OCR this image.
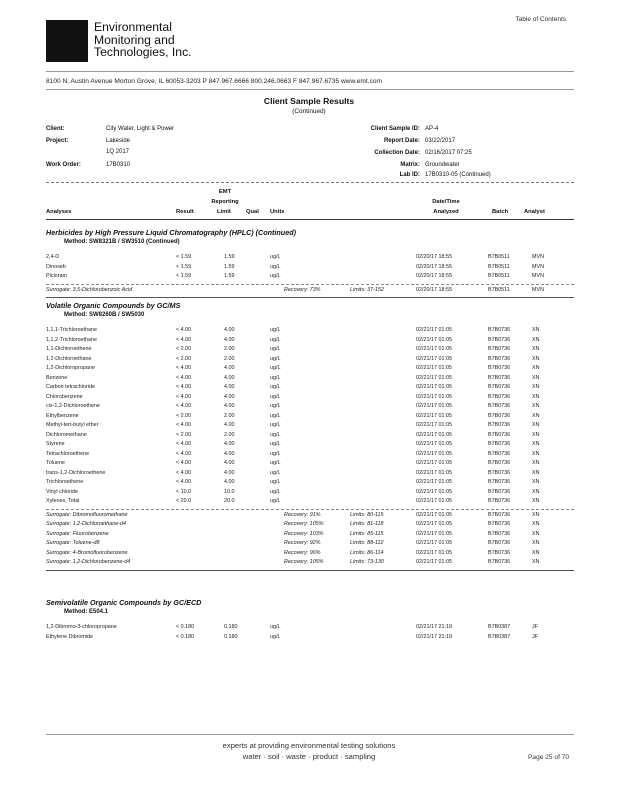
Table of Contents
Environmental
Monitoring and
Technologies, Inc.
8100 N. Austin Avenue Morton Grove, IL 60053-3203 P 847.967.6666 800.246.0663 F 847.967.6735 www.emt.com
Client Sample Results
(Continued)
Client:	City Water, Light & Power
Project:	Lakeside
1Q 2017
Work Order:	17B0310
Client Sample ID: AP-4
Report Date: 03/22/2017
Collection Date: 02/16/2017 07:25
Matrix: Groundwater
Lab ID: 17B0310-05 (Continued)
EMT
Reporting	Date/Time
Analyses	Result	Limit	Qual Units	Analyzed	Batch	Analyst
Herbicides by High Pressure Liquid Chromatography (HPLC) (Continued)
Method: SW8321B / SW3510 (Continued)
2,4-D	< 1.59	1.59	ug/L	02/20/17 18:55	B7B0511	MVN
Dinoseb	< 1.59	1.59	ug/L	02/20/17 18:55	B7B0511	MVN
Picloram	< 1.59	1.59	ug/L	02/20/17 18:55	B7B0511	MVN
Surrogate: 3,5-Dichlorobenzoic Acid	Recovery: 73%	Limits: 37-152	02/20/17 18:55	B7B0511	MVN
Volatile Organic Compounds by GC/MS
Method: SW8260B / SW5030
1,1,1-Trichloroethane	< 4.00	4.00	ug/L	02/21/17 01:05	B7B0736	XN
1,1,2-Trichloroethane	< 4.00	4.00	ug/L	02/21/17 01:05	B7B0736	XN
1,1-Dichloroethene	< 2.00	2.00	ug/L	02/21/17 01:05	B7B0736	XN
1,2-Dichloroethane	< 2.00	2.00	ug/L	02/21/17 01:05	B7B0736	XN
1,2-Dichloropropane	< 4.00	4.00	ug/L	02/21/17 01:05	B7B0736	XN
Benzene	< 4.00	4.00	ug/L	02/21/17 01:05	B7B0736	XN
Carbon tetrachloride	< 4.00	4.00	ug/L	02/21/17 01:05	B7B0736	XN
Chlorobenzene	< 4.00	4.00	ug/L	02/21/17 01:05	B7B0736	XN
cis-1,2-Dichloroethene	< 4.00	4.00	ug/L	02/21/17 01:05	B7B0736	XN
Ethylbenzene	< 2.00	2.00	ug/L	02/21/17 01:05	B7B0736	XN
Methyl-tert-butyl ether	< 4.00	4.00	ug/L	02/21/17 01:05	B7B0736	XN
Dichloromethane	< 2.00	2.00	ug/L	02/21/17 01:05	B7B0736	XN
Styrene	< 4.00	4.00	ug/L	02/21/17 01:05	B7B0736	XN
Tetrachloroethene	< 4.00	4.00	ug/L	02/21/17 01:05	B7B0736	XN
Toluene	< 4.00	4.00	ug/L	02/21/17 01:05	B7B0736	XN
trans-1,2-Dichloroethene	< 4.00	4.00	ug/L	02/21/17 01:05	B7B0736	XN
Trichloroethene	< 4.00	4.00	ug/L	02/21/17 01:05	B7B0736	XN
Vinyl chloride	< 10.0	10.0	ug/L	02/21/17 01:05	B7B0736	XN
Xylenes, Total	< 20.0	20.0	ug/L	02/21/17 01:05	B7B0736	XN
Surrogate: Dibromofluoromethane	Recovery: 91%	Limits: 80-115	02/21/17 01:05	B7B0736	XN
Surrogate: 1,2-Dichloroethane-d4	Recovery: 105%	Limits: 81-118	02/21/17 01:05	B7B0736	XN
Surrogate: Fluorobenzene	Recovery: 103%	Limits: 85-115	02/21/17 01:05	B7B0736	XN
Surrogate: Toluene-d8	Recovery: 92%	Limits: 88-112	02/21/17 01:05	B7B0736	XN
Surrogate: 4-Bromofluorobenzene	Recovery: 96%	Limits: 86-114	02/21/17 01:05	B7B0736	XN
Surrogate: 1,2-Dichlorobenzene-d4	Recovery: 105%	Limits: 73-130	02/21/17 01:05	B7B0736	XN
Semivolatile Organic Compounds by GC/ECD
Method: E504.1
1,2-Dibromo-3-chloropropane	< 0.180	0.180	ug/L	02/21/17 21:19	B7B0387	JF
Ethylene Dibromide	< 0.180	0.180	ug/L	02/21/17 21:19	B7B0387	JF
experts at providing environmental testing solutions
water · soil · waste · product · sampling	Page 25 of 70
